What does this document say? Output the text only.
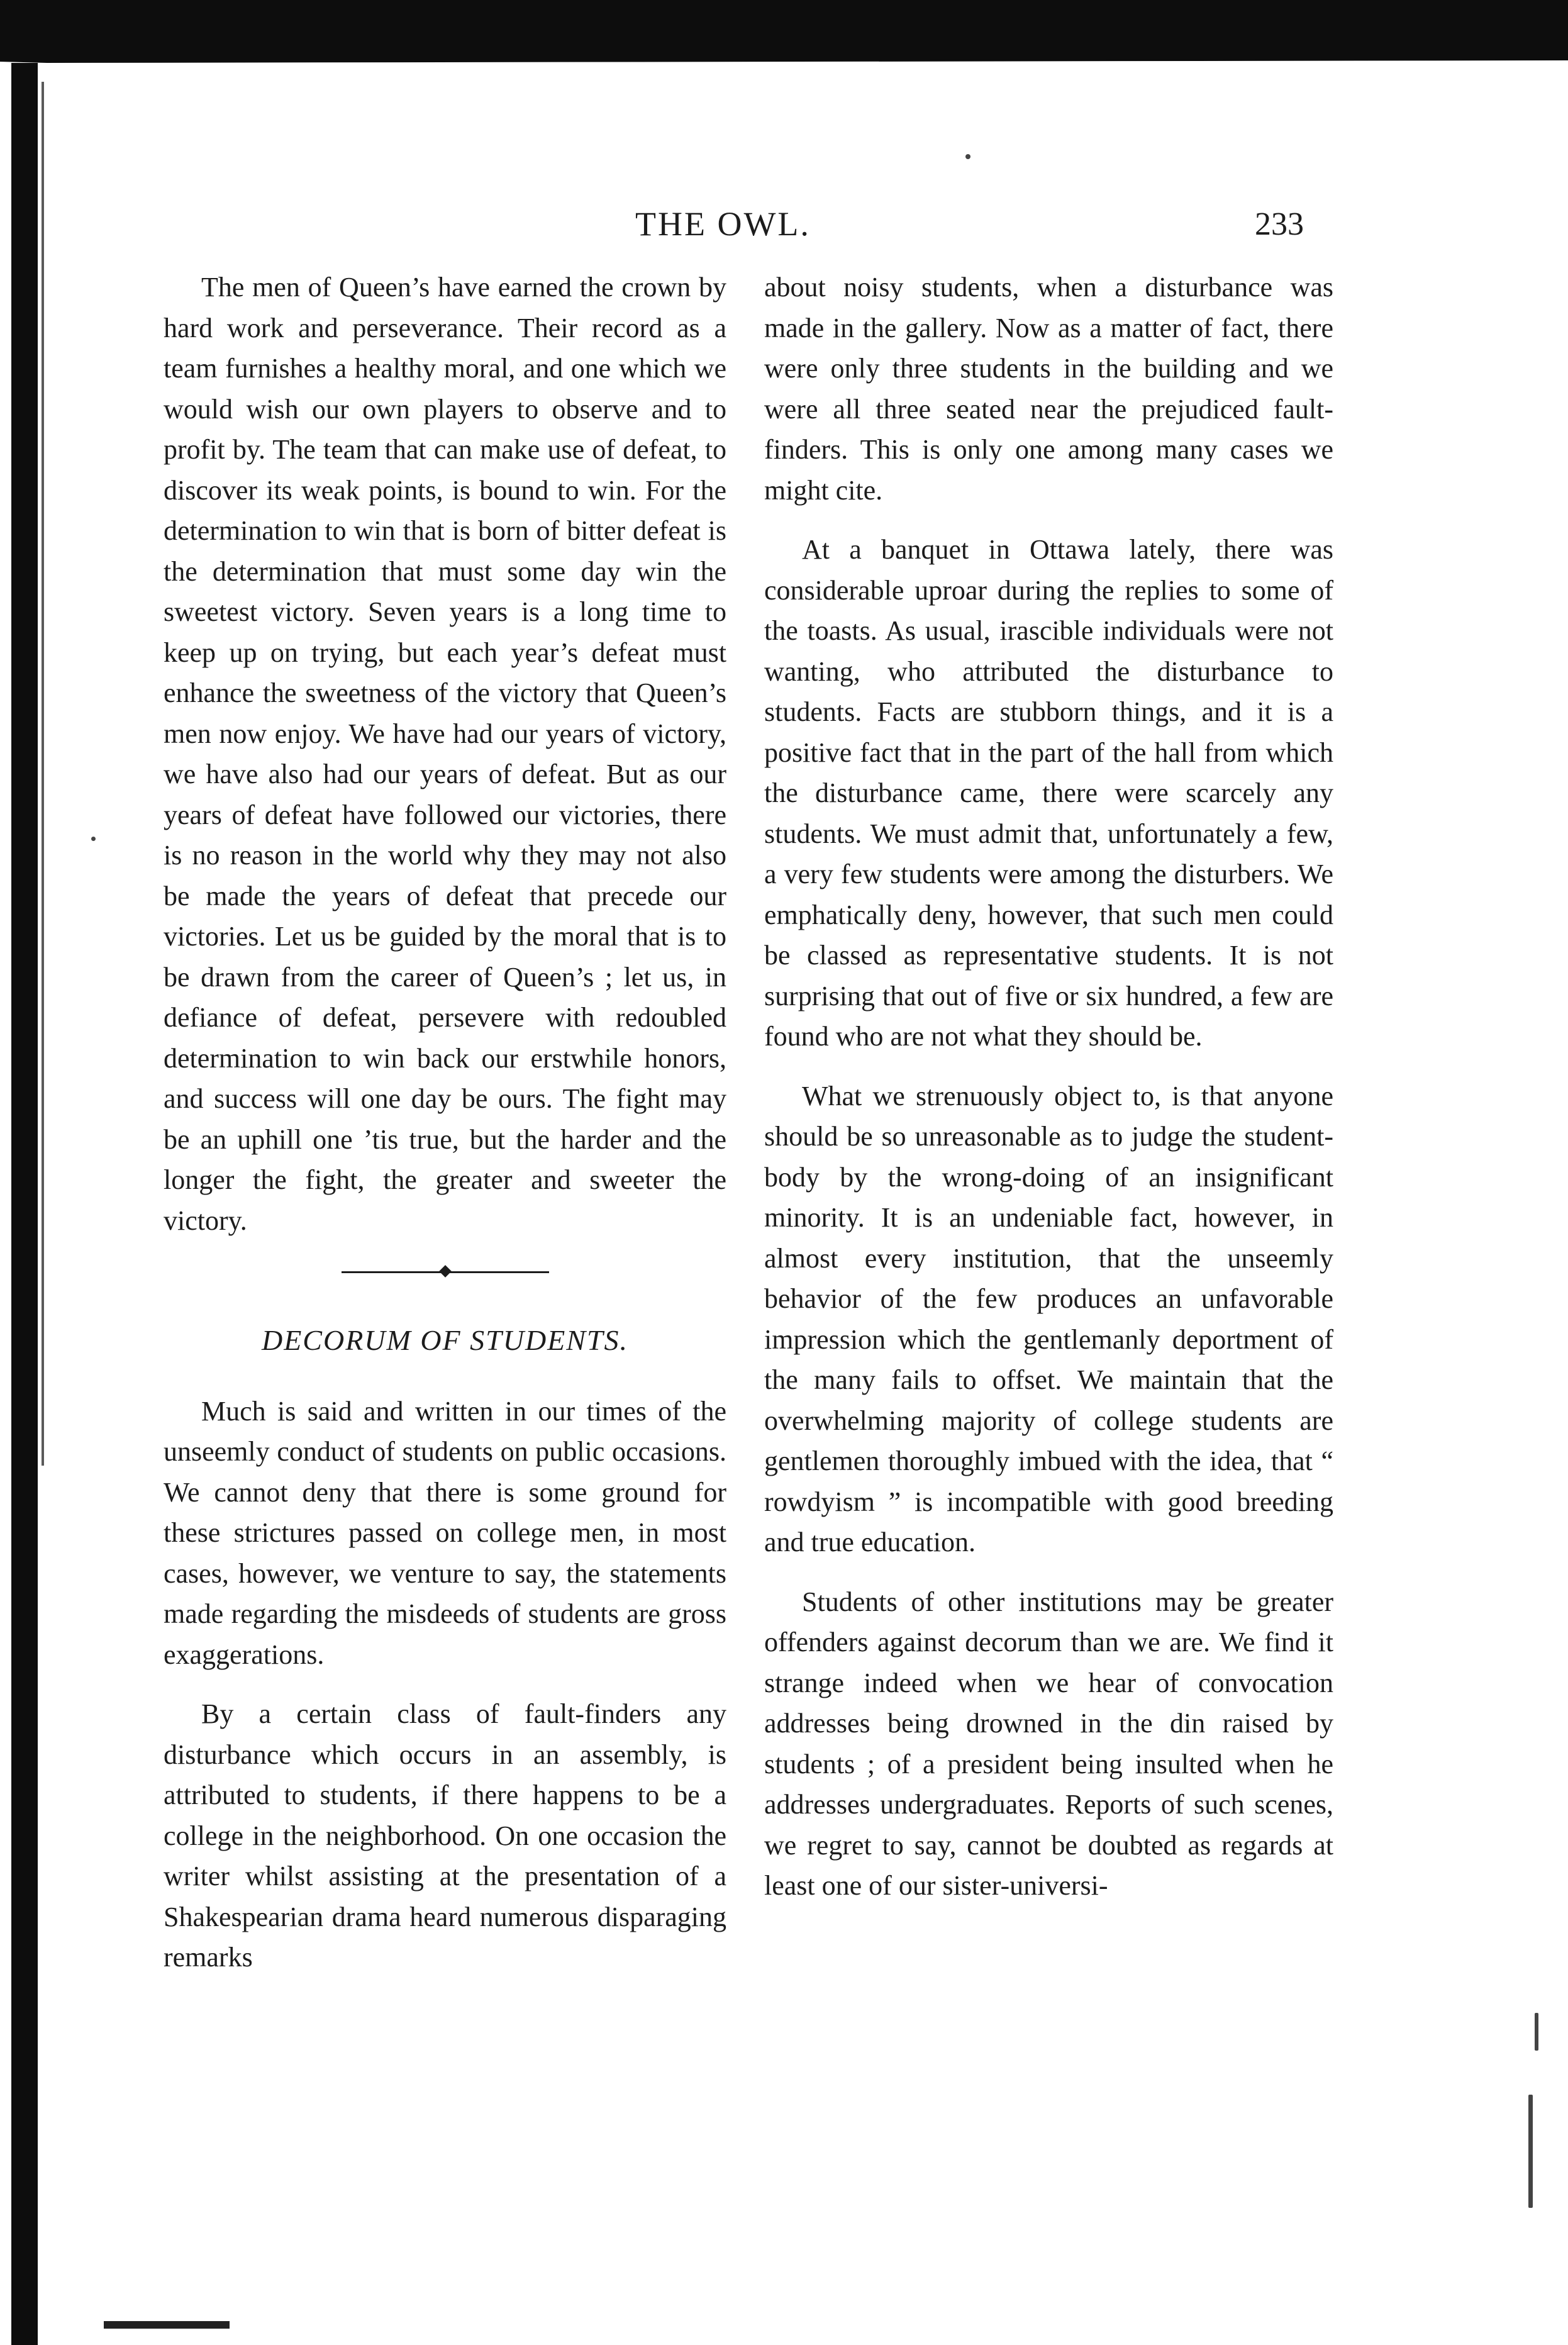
THE OWL.	233

The men of Queen’s have earned the crown by hard work and perseverance. Their record as a team furnishes a healthy moral, and one which we would wish our own players to observe and to profit by. The team that can make use of defeat, to discover its weak points, is bound to win. For the determination to win that is born of bitter defeat is the determination that must some day win the sweetest victory. Seven years is a long time to keep up on trying, but each year’s defeat must enhance the sweetness of the victory that Queen’s men now enjoy. We have had our years of victory, we have also had our years of defeat. But as our years of defeat have followed our victories, there is no reason in the world why they may not also be made the years of defeat that precede our victories. Let us be guided by the moral that is to be drawn from the career of Queen’s ; let us, in defiance of defeat, persevere with redoubled determination to win back our erstwhile honors, and success will one day be ours. The fight may be an uphill one ’tis true, but the harder and the longer the fight, the greater and sweeter the victory.

DECORUM OF STUDENTS.

Much is said and written in our times of the unseemly conduct of students on public occasions. We cannot deny that there is some ground for these strictures passed on college men, in most cases, however, we venture to say, the statements made regarding the misdeeds of students are gross exaggerations.

By a certain class of fault-finders any disturbance which occurs in an assembly, is attributed to students, if there happens to be a college in the neighborhood. On one occasion the writer whilst assisting at the presentation of a Shakespearian drama heard numerous disparaging remarks

about noisy students, when a disturbance was made in the gallery. Now as a matter of fact, there were only three students in the building and we were all three seated near the prejudiced fault-finders. This is only one among many cases we might cite.

At a banquet in Ottawa lately, there was considerable uproar during the replies to some of the toasts. As usual, irascible individuals were not wanting, who attributed the disturbance to students. Facts are stubborn things, and it is a positive fact that in the part of the hall from which the disturbance came, there were scarcely any students. We must admit that, unfortunately a few, a very few students were among the disturbers. We emphatically deny, however, that such men could be classed as representative students. It is not surprising that out of five or six hundred, a few are found who are not what they should be.

What we strenuously object to, is that anyone should be so unreasonable as to judge the student-body by the wrong-doing of an insignificant minority. It is an undeniable fact, however, in almost every institution, that the unseemly behavior of the few produces an unfavorable impression which the gentlemanly deportment of the many fails to offset. We maintain that the overwhelming majority of college students are gentlemen thoroughly imbued with the idea, that “ rowdyism ” is incompatible with good breeding and true education.

Students of other institutions may be greater offenders against decorum than we are. We find it strange indeed when we hear of convocation addresses being drowned in the din raised by students ; of a president being insulted when he addresses undergraduates. Reports of such scenes, we regret to say, cannot be doubted as regards at least one of our sister-universi-
